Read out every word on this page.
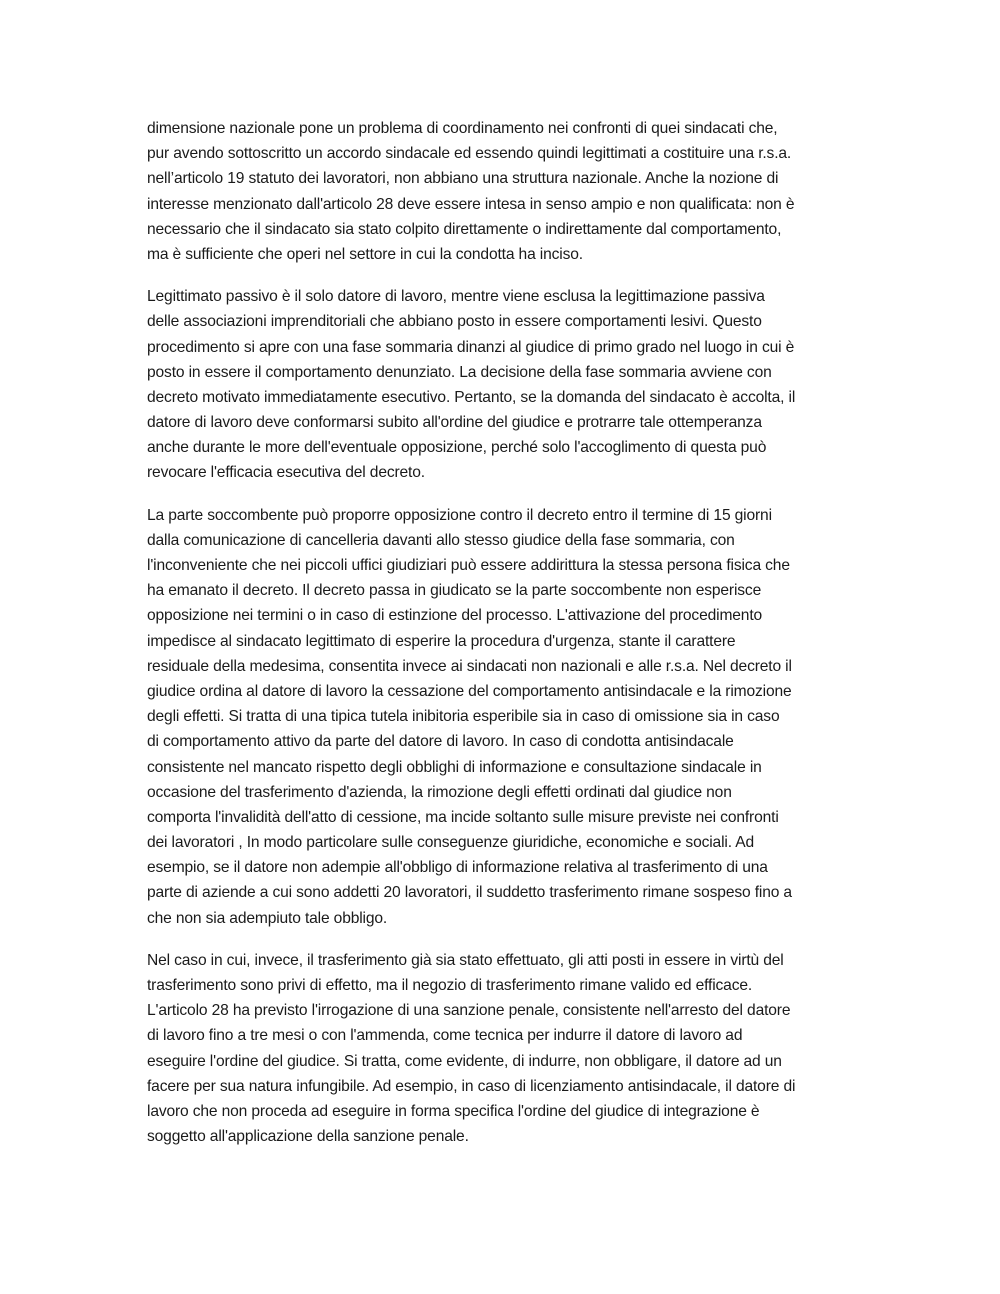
dimensione nazionale pone un problema di coordinamento nei confronti di quei sindacati che,
pur avendo sottoscritto un accordo sindacale ed essendo quindi legittimati a costituire una r.s.a.
nell’articolo 19 statuto dei lavoratori, non abbiano una struttura nazionale. Anche la nozione di
interesse menzionato dall'articolo 28 deve essere intesa in senso ampio e non qualificata: non è
necessario che il sindacato sia stato colpito direttamente o indirettamente dal comportamento,
ma è sufficiente che operi nel settore in cui la condotta ha inciso.
Legittimato passivo è il solo datore di lavoro, mentre viene esclusa la legittimazione passiva
delle associazioni imprenditoriali che abbiano posto in essere comportamenti lesivi. Questo
procedimento si apre con una fase sommaria dinanzi al giudice di primo grado nel luogo in cui è
posto in essere il comportamento denunziato. La decisione della fase sommaria avviene con
decreto motivato immediatamente esecutivo. Pertanto, se la domanda del sindacato è accolta, il
datore di lavoro deve conformarsi subito all'ordine del giudice e protrarre tale ottemperanza
anche durante le more dell'eventuale opposizione, perché solo l'accoglimento di questa può
revocare l'efficacia esecutiva del decreto.
La parte soccombente può proporre opposizione contro il decreto entro il termine di 15 giorni
dalla comunicazione di cancelleria davanti allo stesso giudice della fase sommaria, con
l'inconveniente che nei piccoli uffici giudiziari può essere addirittura la stessa persona fisica che
ha emanato il decreto. Il decreto passa in giudicato se la parte soccombente non esperisce
opposizione nei termini o in caso di estinzione del processo. L'attivazione del procedimento
impedisce al sindacato legittimato di esperire la procedura d'urgenza, stante il carattere
residuale della medesima, consentita invece ai sindacati non nazionali e alle r.s.a. Nel decreto il
giudice ordina al datore di lavoro la cessazione del comportamento antisindacale e la rimozione
degli effetti. Si tratta di una tipica tutela inibitoria esperibile sia in caso di omissione sia in caso
di comportamento attivo da parte del datore di lavoro. In caso di condotta antisindacale
consistente nel mancato rispetto degli obblighi di informazione e consultazione sindacale in
occasione del trasferimento d'azienda, la rimozione degli effetti ordinati dal giudice non
comporta l'invalidità dell'atto di cessione, ma incide soltanto sulle misure previste nei confronti
dei lavoratori , In modo particolare sulle conseguenze giuridiche, economiche e sociali. Ad
esempio, se il datore non adempie all'obbligo di informazione relativa al trasferimento di una
parte di aziende a cui sono addetti 20 lavoratori, il suddetto trasferimento rimane sospeso fino a
che non sia adempiuto tale obbligo.
Nel caso in cui, invece, il trasferimento già sia stato effettuato, gli atti posti in essere in virtù del
trasferimento sono privi di effetto, ma il negozio di trasferimento rimane valido ed efficace.
L'articolo 28 ha previsto l'irrogazione di una sanzione penale, consistente nell'arresto del datore
di lavoro fino a tre mesi o con l'ammenda, come tecnica per indurre il datore di lavoro ad
eseguire l'ordine del giudice. Si tratta, come evidente, di indurre, non obbligare, il datore ad un
facere per sua natura infungibile. Ad esempio, in caso di licenziamento antisindacale, il datore di
lavoro che non proceda ad eseguire in forma specifica l'ordine del giudice di integrazione è
soggetto all'applicazione della sanzione penale.
